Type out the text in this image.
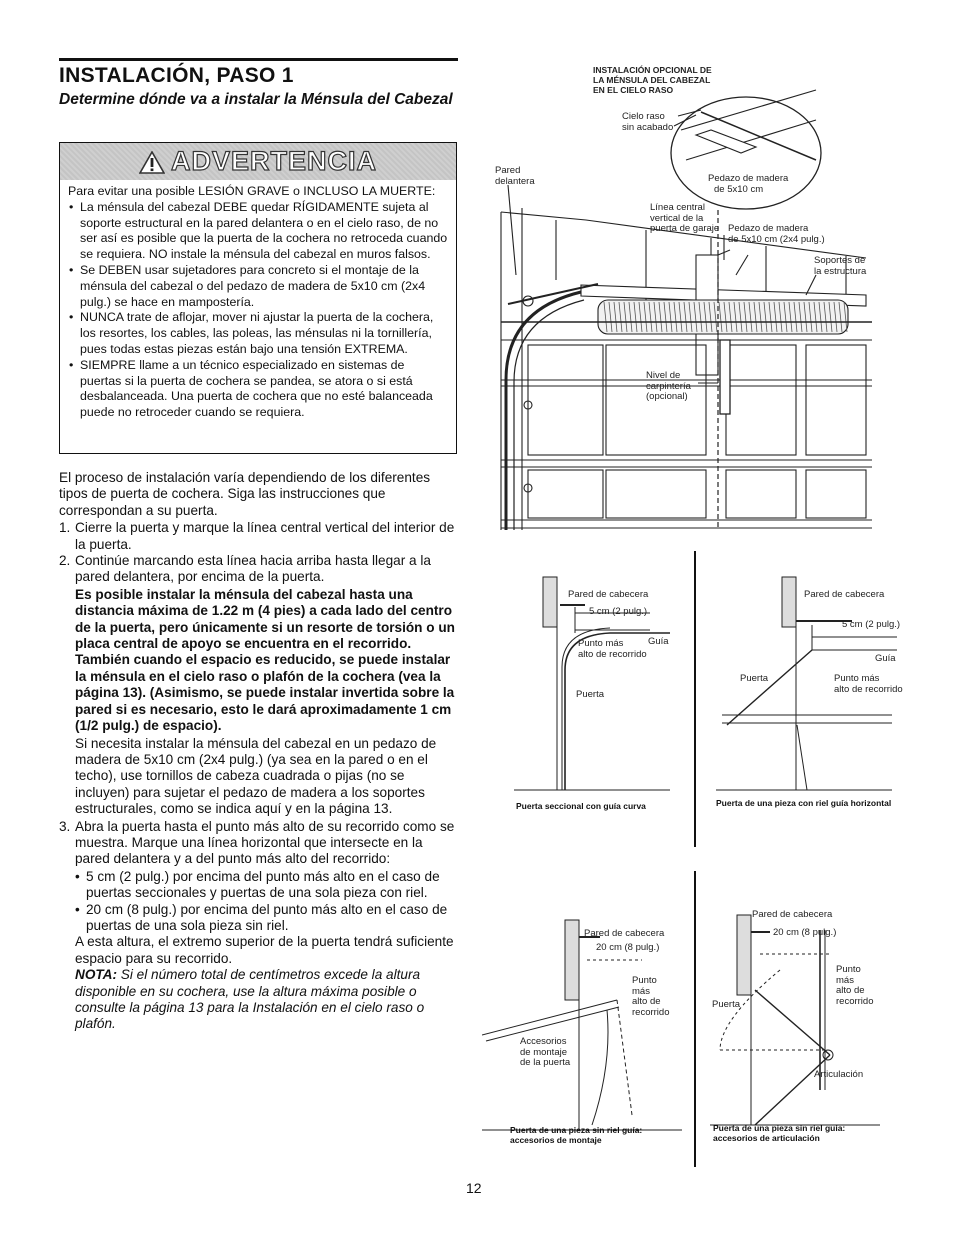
INSTALACIÓN, PASO 1
Determine dónde va a instalar la Ménsula del Cabezal
ADVERTENCIA
Para evitar una posible LESIÓN GRAVE o INCLUSO LA MUERTE:
• La ménsula del cabezal DEBE quedar RÍGIDAMENTE sujeta al soporte estructural en la pared delantera o en el cielo raso, de no ser así es posible que la puerta de la cochera no retroceda cuando se requiera. NO instale la ménsula del cabezal en muros falsos.
• Se DEBEN usar sujetadores para concreto si el montaje de la ménsula del cabezal o del pedazo de madera de 5x10 cm (2x4 pulg.) se hace en mampostería.
• NUNCA trate de aflojar, mover ni ajustar la puerta de la cochera, los resortes, los cables, las poleas, las ménsulas ni la tornillería, pues todas estas piezas están bajo una tensión EXTREMA.
• SIEMPRE llame a un técnico especializado en sistemas de puertas si la puerta de cochera se pandea, se atora o si está desbalanceada. Una puerta de cochera que no esté balanceada puede no retroceder cuando se requiera.

El proceso de instalación varía dependiendo de los diferentes tipos de puerta de cochera. Siga las instrucciones que correspondan a su puerta.

1. Cierre la puerta y marque la línea central vertical del interior de la puerta.

2. Continúe marcando esta línea hacia arriba hasta llegar a la pared delantera, por encima de la puerta.

Es posible instalar la ménsula del cabezal hasta una distancia máxima de 1.22 m (4 pies) a cada lado del centro de la puerta, pero únicamente si un resorte de torsión o un placa central de apoyo se encuentra en el recorrido. También cuando el espacio es reducido, se puede instalar la ménsula en el cielo raso o plafón de la cochera (vea la página 13). (Asimismo, se puede instalar invertida sobre la pared si es necesario, esto le dará aproximadamente 1 cm (1/2 pulg.) de espacio).

Si necesita instalar la ménsula del cabezal en un pedazo de madera de 5x10 cm (2x4 pulg.) (ya sea en la pared o en el techo), use tornillos de cabeza cuadrada o pijas (no se incluyen) para sujetar el pedazo de madera a los soportes estructurales, como se indica aquí y en la página 13.

3. Abra la puerta hasta el punto más alto de su recorrido como se muestra. Marque una línea horizontal que intersecte en la pared delantera y a del punto más alto del recorrido:

• 5 cm (2 pulg.) por encima del punto más alto en el caso de puertas seccionales y puertas de una sola pieza con riel.

• 20 cm (8 pulg.) por encima del punto más alto en el caso de puertas de una sola pieza sin riel.

A esta altura, el extremo superior de la puerta tendrá suficiente espacio para su recorrido.

NOTA: Si el número total de centímetros excede la altura disponible en su cochera, use la altura máxima posible o consulte la página 13 para la Instalación en el cielo raso o plafón.

INSTALACIÓN OPCIONAL DE
LA MÉNSULA DEL CABEZAL
EN EL CIELO RASO
Cielo raso
sin acabado
Pared
delantera	Pedazo de madera
de 5x10 cm
Línea central
vertical de la
puerta de garaje Pedazo de madera
de 5x10 cm (2x4 pulg.)
Soportes de
la estructura
Nivel de
carpintería
(opcional)
Pared de cabecera
5 cm (2 pulg.)
Punto más
alto de recorrido
Guía
Puerta
Puerta seccional con guía curva
Pared de cabecera
5 cm (2 pulg.)
Guía
Puerta	Punto más
alto de recorrido
Puerta de una pieza con riel guía horizontal
Pared de cabecera
20 cm (8 pulg.)
Punto
más
alto de
recorrido
Accesorios
de montaje
de la puerta
Puerta de una pieza sin riel guía:
accesorios de montaje
Pared de cabecera
20 cm (8 pulg.)
Punto
más
alto de
recorrido
Puerta
Articulación
Puerta de una pieza sin riel guía:
accesorios de articulación
12
